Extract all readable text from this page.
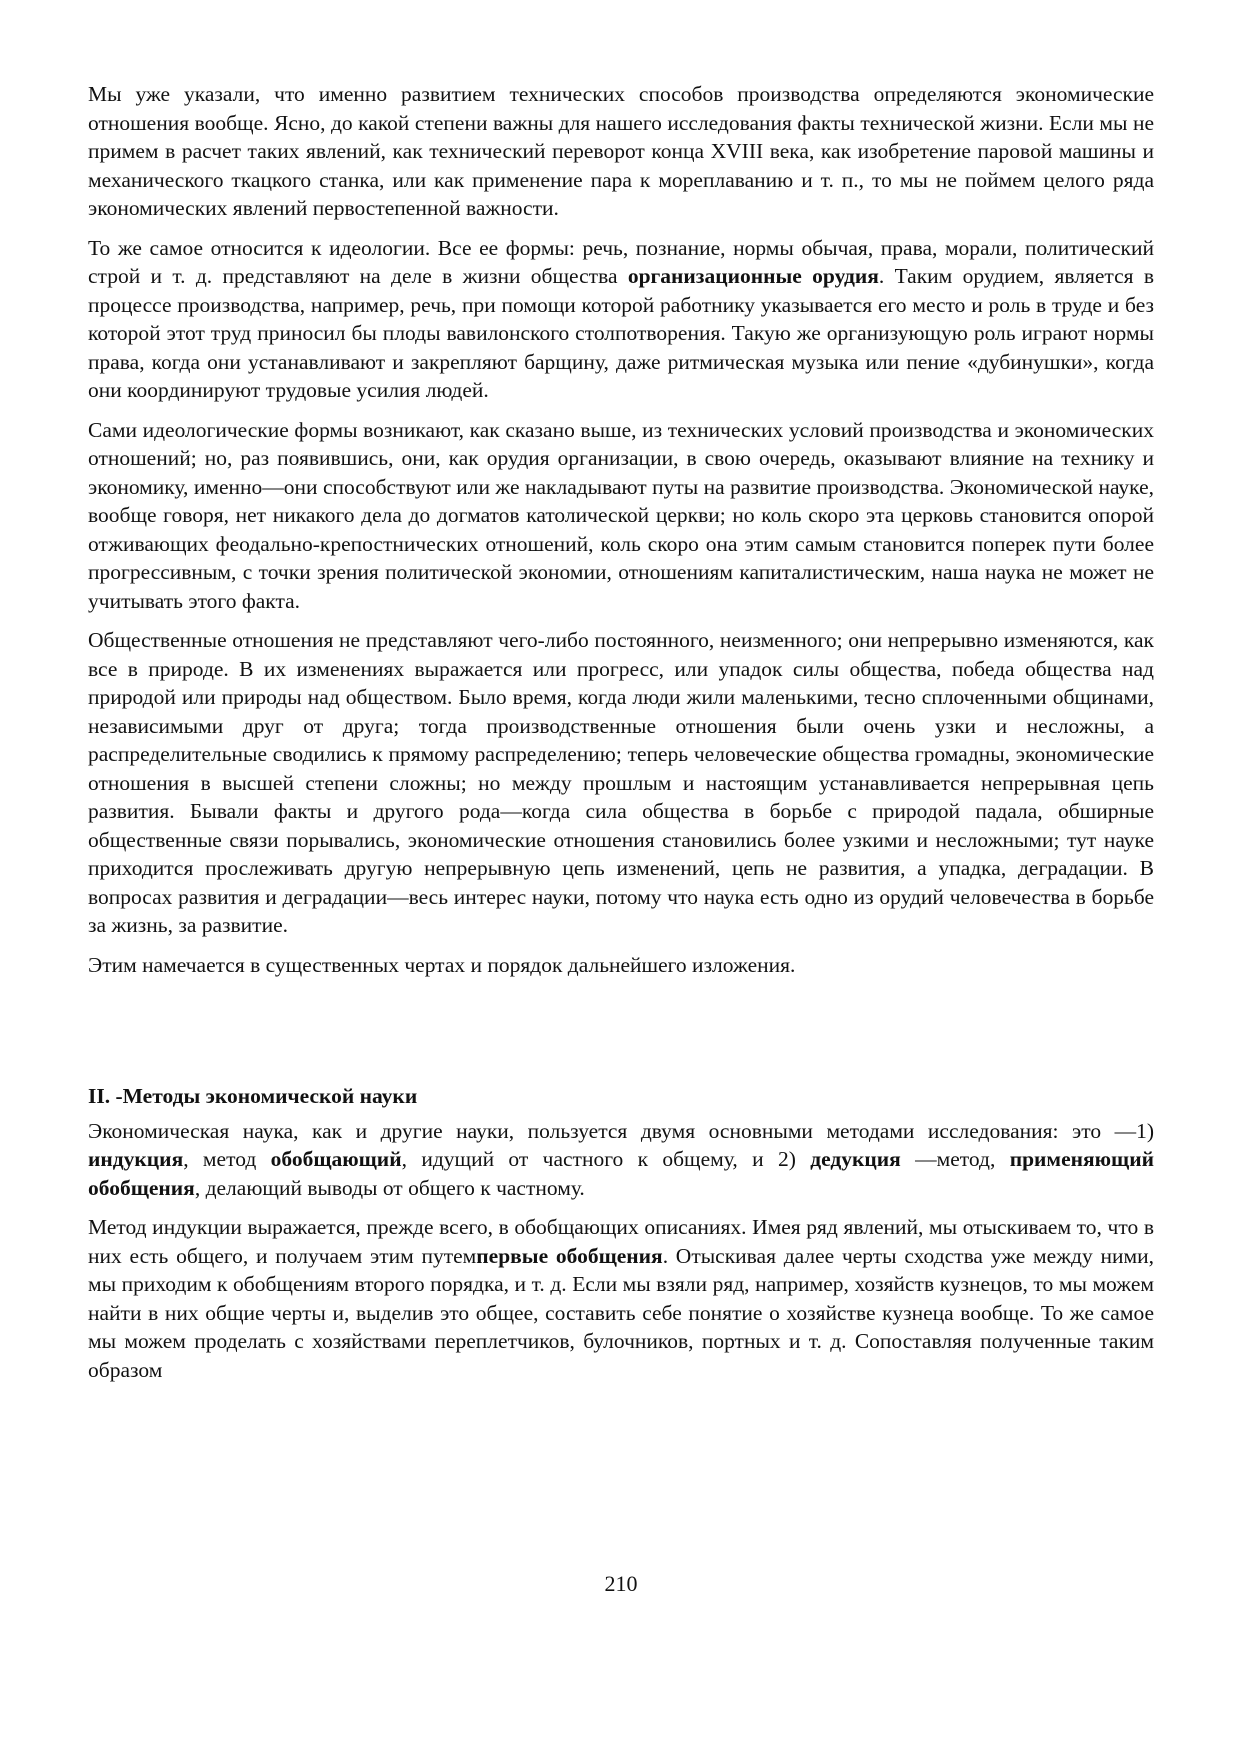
Мы уже указали, что именно развитием технических способов производства определяются экономические отношения вообще. Ясно, до какой степени важны для нашего исследования факты технической жизни. Если мы не примем в расчет таких явлений, как технический переворот конца XVIII века, как изобретение паровой машины и механического ткацкого станка, или как применение пара к мореплаванию и т. п., то мы не поймем целого ряда экономических явлений первостепенной важности.

То же самое относится к идеологии. Все ее формы: речь, познание, нормы обычая, права, морали, политический строй и т. д. представляют на деле в жизни общества организационные орудия. Таким орудием, является в процессе производства, например, речь, при помощи которой работнику указывается его место и роль в труде и без которой этот труд приносил бы плоды вавилонского столпотворения. Такую же организующую роль играют нормы права, когда они устанавливают и закрепляют барщину, даже ритмическая музыка или пение «дубинушки», когда они координируют трудовые усилия людей.

Сами идеологические формы возникают, как сказано выше, из технических условий производства и экономических отношений; но, раз появившись, они, как орудия организации, в свою очередь, оказывают влияние на технику и экономику, именно—они способствуют или же накладывают путы на развитие производства. Экономической науке, вообще говоря, нет никакого дела до догматов католической церкви; но коль скоро эта церковь становится опорой отживающих феодально-крепостнических отношений, коль скоро она этим самым становится поперек пути более прогрессивным, с точки зрения политической экономии, отношениям капиталистическим, наша наука не может не учитывать этого факта.

Общественные отношения не представляют чего-либо постоянного, неизменного; они непрерывно изменяются, как все в природе. В их изменениях выражается или прогресс, или упадок силы общества, победа общества над природой или природы над обществом. Было время, когда люди жили маленькими, тесно сплоченными общинами, независимыми друг от друга; тогда производственные отношения были очень узки и несложны, а распределительные сводились к прямому распределению; теперь человеческие общества громадны, экономические отношения в высшей степени сложны; но между прошлым и настоящим устанавливается непрерывная цепь развития. Бывали факты и другого рода—когда сила общества в борьбе с природой падала, обширные общественные связи порывались, экономические отношения становились более узкими и несложными; тут науке приходится прослеживать другую непрерывную цепь изменений, цепь не развития, а упадка, деградации. В вопросах развития и деградации—весь интерес науки, потому что наука есть одно из орудий человечества в борьбе за жизнь, за развитие.

Этим намечается в существенных чертах и порядок дальнейшего изложения.

II. -Методы экономической науки

Экономическая наука, как и другие науки, пользуется двумя основными методами исследования: это —1) индукция, метод обобщающий, идущий от частного к общему, и 2) дедукция —метод, применяющий обобщения, делающий выводы от общего к частному.

Метод индукции выражается, прежде всего, в обобщающих описаниях. Имея ряд явлений, мы отыскиваем то, что в них есть общего, и получаем этим путемпервые обобщения. Отыскивая далее черты сходства уже между ними, мы приходим к обобщениям второго порядка, и т. д. Если мы взяли ряд, например, хозяйств кузнецов, то мы можем найти в них общие черты и, выделив это общее, составить себе понятие о хозяйстве кузнеца вообще. То же самое мы можем проделать с хозяйствами переплетчиков, булочников, портных и т. д. Сопоставляя полученные таким образом

210
